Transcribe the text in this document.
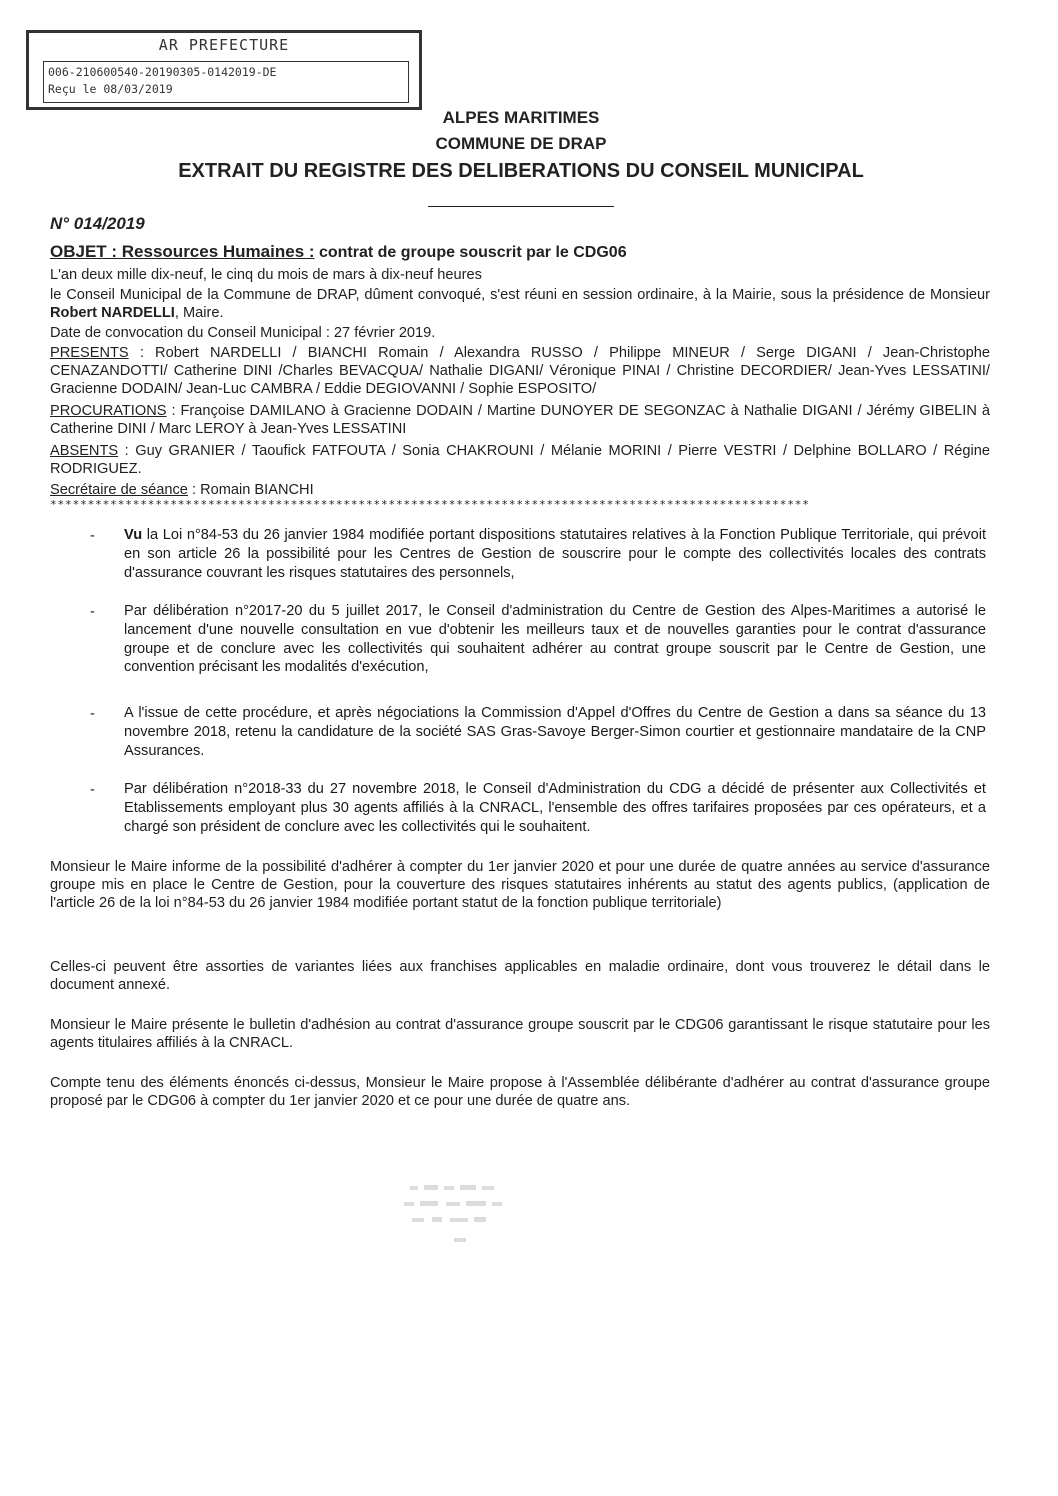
AR PREFECTURE
006-210600540-20190305-0142019-DE
Reçu le 08/03/2019
ALPES MARITIMES
COMMUNE DE DRAP
EXTRAIT DU REGISTRE DES DELIBERATIONS DU CONSEIL MUNICIPAL
N° 014/2019
OBJET : Ressources Humaines : contrat de groupe souscrit par le CDG06
L'an deux mille dix-neuf, le cinq du mois de mars à dix-neuf heures
le Conseil Municipal de la Commune de DRAP, dûment convoqué, s'est réuni en session ordinaire, à la Mairie, sous la présidence de Monsieur Robert NARDELLI, Maire.
Date de convocation du Conseil Municipal : 27 février 2019.
PRESENTS : Robert NARDELLI / BIANCHI Romain / Alexandra RUSSO / Philippe MINEUR / Serge DIGANI / Jean-Christophe CENAZANDOTTI/ Catherine DINI /Charles BEVACQUA/ Nathalie DIGANI/ Véronique PINAI / Christine DECORDIER/ Jean-Yves LESSATINI/ Gracienne DODAIN/ Jean-Luc CAMBRA / Eddie DEGIOVANNI / Sophie ESPOSITO/
PROCURATIONS : Françoise DAMILANO à Gracienne DODAIN / Martine DUNOYER DE SEGONZAC à Nathalie DIGANI / Jérémy GIBELIN à Catherine DINI / Marc LEROY à Jean-Yves LESSATINI
ABSENTS : Guy GRANIER / Taoufick FATFOUTA / Sonia CHAKROUNI / Mélanie MORINI / Pierre VESTRI / Delphine BOLLARO / Régine RODRIGUEZ.
Secrétaire de séance : Romain BIANCHI
*****************************************************************************************************
- Vu la Loi n°84-53 du 26 janvier 1984 modifiée portant dispositions statutaires relatives à la Fonction Publique Territoriale, qui prévoit en son article 26 la possibilité pour les Centres de Gestion de souscrire pour le compte des collectivités locales des contrats d'assurance couvrant les risques statutaires des personnels,
- Par délibération n°2017-20 du 5 juillet 2017, le Conseil d'administration du Centre de Gestion des Alpes-Maritimes a autorisé le lancement d'une nouvelle consultation en vue d'obtenir les meilleurs taux et de nouvelles garanties pour le contrat d'assurance groupe et de conclure avec les collectivités qui souhaitent adhérer au contrat groupe souscrit par le Centre de Gestion, une convention précisant les modalités d'exécution,
- A l'issue de cette procédure, et après négociations la Commission d'Appel d'Offres du Centre de Gestion a dans sa séance du 13 novembre 2018, retenu la candidature de la société SAS Gras-Savoye Berger-Simon courtier et gestionnaire mandataire de la CNP Assurances.
- Par délibération n°2018-33 du 27 novembre 2018, le Conseil d'Administration du CDG a décidé de présenter aux Collectivités et Etablissements employant plus 30 agents affiliés à la CNRACL, l'ensemble des offres tarifaires proposées par ces opérateurs, et a chargé son président de conclure avec les collectivités qui le souhaitent.
Monsieur le Maire informe de la possibilité d'adhérer à compter du 1er janvier 2020 et pour une durée de quatre années au service d'assurance groupe mis en place le Centre de Gestion, pour la couverture des risques statutaires inhérents au statut des agents publics, (application de l'article 26 de la loi n°84-53 du 26 janvier 1984 modifiée portant statut de la fonction publique territoriale)
Celles-ci peuvent être assorties de variantes liées aux franchises applicables en maladie ordinaire, dont vous trouverez le détail dans le document annexé.
Monsieur le Maire présente le bulletin d'adhésion au contrat d'assurance groupe souscrit par le CDG06 garantissant le risque statutaire pour les agents titulaires affiliés à la CNRACL.
Compte tenu des éléments énoncés ci-dessus, Monsieur le Maire propose à l'Assemblée délibérante d'adhérer au contrat d'assurance groupe proposé par le CDG06 à compter du 1er janvier 2020 et ce pour une durée de quatre ans.
